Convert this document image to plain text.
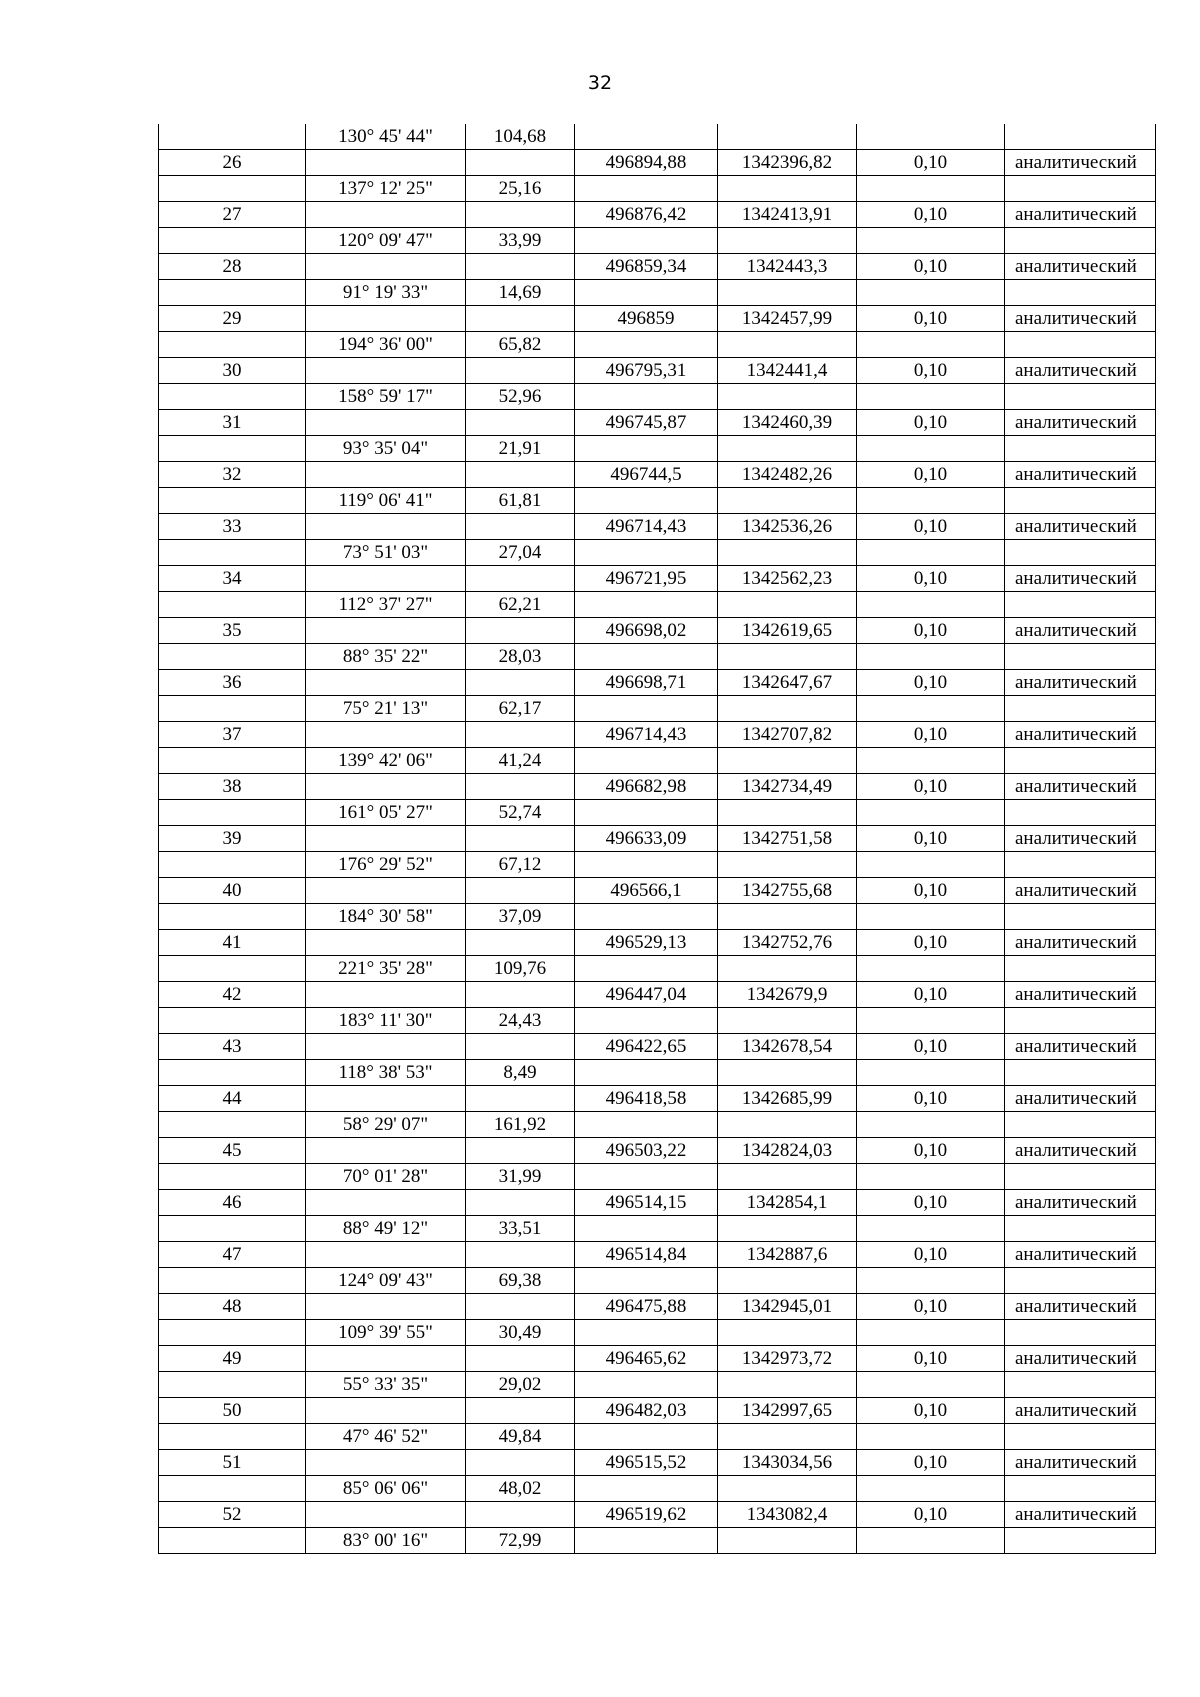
32
	130° 45' 44"	104,68				
26			496894,88	1342396,82	0,10	аналитический
	137° 12' 25"	25,16				
27			496876,42	1342413,91	0,10	аналитический
	120° 09' 47"	33,99				
28			496859,34	1342443,3	0,10	аналитический
	91° 19' 33"	14,69				
29			496859	1342457,99	0,10	аналитический
	194° 36' 00"	65,82				
30			496795,31	1342441,4	0,10	аналитический
	158° 59' 17"	52,96				
31			496745,87	1342460,39	0,10	аналитический
	93° 35' 04"	21,91				
32			496744,5	1342482,26	0,10	аналитический
	119° 06' 41"	61,81				
33			496714,43	1342536,26	0,10	аналитический
	73° 51' 03"	27,04				
34			496721,95	1342562,23	0,10	аналитический
	112° 37' 27"	62,21				
35			496698,02	1342619,65	0,10	аналитический
	88° 35' 22"	28,03				
36			496698,71	1342647,67	0,10	аналитический
	75° 21' 13"	62,17				
37			496714,43	1342707,82	0,10	аналитический
	139° 42' 06"	41,24				
38			496682,98	1342734,49	0,10	аналитический
	161° 05' 27"	52,74				
39			496633,09	1342751,58	0,10	аналитический
	176° 29' 52"	67,12				
40			496566,1	1342755,68	0,10	аналитический
	184° 30' 58"	37,09				
41			496529,13	1342752,76	0,10	аналитический
	221° 35' 28"	109,76				
42			496447,04	1342679,9	0,10	аналитический
	183° 11' 30"	24,43				
43			496422,65	1342678,54	0,10	аналитический
	118° 38' 53"	8,49				
44			496418,58	1342685,99	0,10	аналитический
	58° 29' 07"	161,92				
45			496503,22	1342824,03	0,10	аналитический
	70° 01' 28"	31,99				
46			496514,15	1342854,1	0,10	аналитический
	88° 49' 12"	33,51				
47			496514,84	1342887,6	0,10	аналитический
	124° 09' 43"	69,38				
48			496475,88	1342945,01	0,10	аналитический
	109° 39' 55"	30,49				
49			496465,62	1342973,72	0,10	аналитический
	55° 33' 35"	29,02				
50			496482,03	1342997,65	0,10	аналитический
	47° 46' 52"	49,84				
51			496515,52	1343034,56	0,10	аналитический
	85° 06' 06"	48,02				
52			496519,62	1343082,4	0,10	аналитический
	83° 00' 16"	72,99				
